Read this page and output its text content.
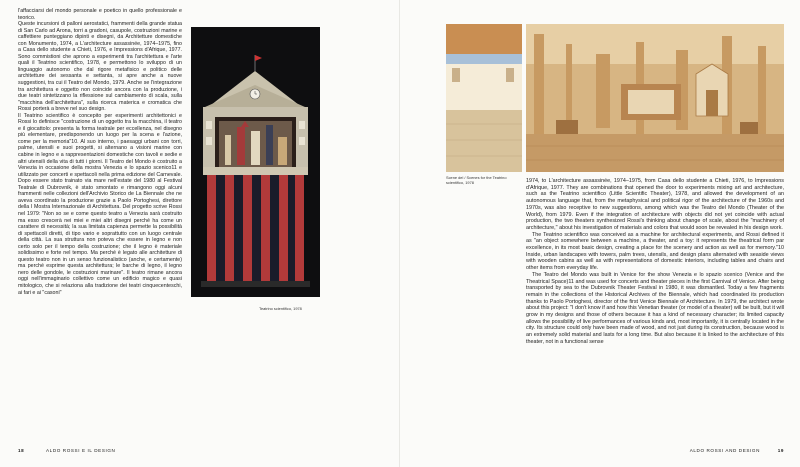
l'affacciarsi del mondo personale e poetico in quello professionale e teorico.

Queste incursioni di palloni aerostatici, frammenti della grande statua di San Carlo ad Arona, torri a gradoni, casupole, costruzioni marine e caffettiere punteggiano dipinti e disegni, da Architetture domestiche con Monumento, 1974, a L'architecture assassinée, 1974–1975, fino a Casa dello studente a Chieti, 1976, e Impressions d'Afrique, 1977. Sono commistioni che aprono a esperimenti tra l'architettura e l'arte quali il Teatrino scientifico, 1978, e permettono lo sviluppo di un linguaggio autonomo che dal rigore metafisico e politico delle architetture dei sessanta e settanta, si apre anche a nuove suggestioni, tra cui il Teatro del Mondo, 1979. Anche se l'integrazione tra architettura e oggetto non coincide ancora con la produzione, i due teatri sintetizzano la riflessione sul cambiamento di scala, sulla "macchina dell'architettura", sulla ricerca materica e cromatica che Rossi porterà a breve nel suo design.

Il Teatrino scientifico è concepito per esperimenti architettonici e Rossi lo definisce "costruzione di un oggetto tra la macchina, il teatro e il giocattolo: presenta la forma teatrale per eccellenza, nel disegno più elementare, predisponendo un luogo per la scena e l'azione, come per la memoria"10. Al suo interno, i paesaggi urbani con torri, palme, utensili e suoi progetti, si alternano a visioni marine con cabine in legno e a rappresentazioni domestiche con tavoli e sedie e altri utensili della vita di tutti i giorni. Il Teatro del Mondo è costruito a Venezia in occasione della mostra Venezia e lo spazio scenico11 e utilizzato per concerti e spettacoli nella prima edizione del Carnevale. Dopo essere stato trainato via mare nell'estate del 1980 al Festival Teatrale di Dubrovnik, è stato smontato e rimangono oggi alcuni frammenti nelle collezioni dell'Archivio Storico de La Biennale che ne aveva coordinato la produzione grazie a Paolo Portoghesi, direttore della I Mostra Internazionale di Architettura. Del progetto scrive Rossi nel 1979: "Non so se e come questo teatro a Venezia sarà costruito ma esso crescerà nei miei e miei altri disegni perché ha come un carattere di necessità; la sua limitata capienza permette la possibilità di spettacoli diretti, di tipo vario e soprattutto con un luogo centrale della città. La sua struttura non poteva che essere in legno e non certo solo per il tempo della costruzione; che il legno è materiale solidissimo e forte nel tempo. Ma perché è legato alle architetture di questo teatro non in un senso funzionalistico (anche, e certamente) ma perché esprime questa architettura; le barche di legno, il legno nero delle gondole, le costruzioni marinare". Il teatro rimane ancora oggi nell'immaginario collettivo come un edificio magico e quasi mitologico, che si relaziona alla tradizione dei teatri cinquecenteschi, ai fari e ai "casoni"

Teatrino scientifico, 1978
18	ALDO ROSSI E IL DESIGN
Scene del / Scenes for the Teatrino scientifico, 1978	1974, to L'architecture assassinée, 1974–1975, from Casa dello studente a Chieti, 1976, to Impressions d'Afrique, 1977. They are combinations that opened the door to experiments mixing art and architecture, such as the Teatrino scientifico (Little Scientific Theater), 1978, and allowed the development of an autonomous language that, from the metaphysical and political rigor of the architecture of the 1960s and 1970s, was also receptive to new suggestions, among which was the Teatro del Mondo (Theater of the World), from 1979. Even if the integration of architecture with objects did not yet coincide with actual production, the two theaters synthesized Rossi's thinking about change of scale, about the "machinery of architecture," about his investigation of materials and colors that would soon be revealed in his design work.

The Teatrino scientifico was conceived as a machine for architectural experiments, and Rossi defined it as "an object somewhere between a machine, a theater, and a toy: it represents the theatrical form par excellence, in its most basic design, creating a place for the scenery and action as well as for memory."10 Inside, urban landscapes with towers, palm trees, utensils, and design plans alternated with seaside views with wooden cabins as well as with representations of domestic interiors, including tables and chairs and other items from everyday life.

The Teatro del Mondo was built in Venice for the show Venezia e lo spazio scenico (Venice and the Theatrical Space)11 and was used for concerts and theater pieces in the first Carnival of Venice. After being transported by sea to the Dubrovnik Theater Festival in 1980, it was dismantled. Today a few fragments remain in the collections of the Historical Archives of the Biennale, which had coordinated its production thanks to Paolo Portoghesi, director of the first Venice Biennale of Architecture. In 1979, the architect wrote about this project: "I don't know if and how this Venetian theater (or model of a theater) will be built, but it will grow in my designs and those of others because it has a kind of necessary character; its limited capacity allows the possibility of live performances of various kinds and, most importantly, it is centrally located in the city. Its structure could only have been made of wood, and not just during its construction, because wood is an extremely solid material and lasts for a long time. But also because it is linked to the architecture of this theater, not in a functional sense

ALDO ROSSI AND DESIGN	19
